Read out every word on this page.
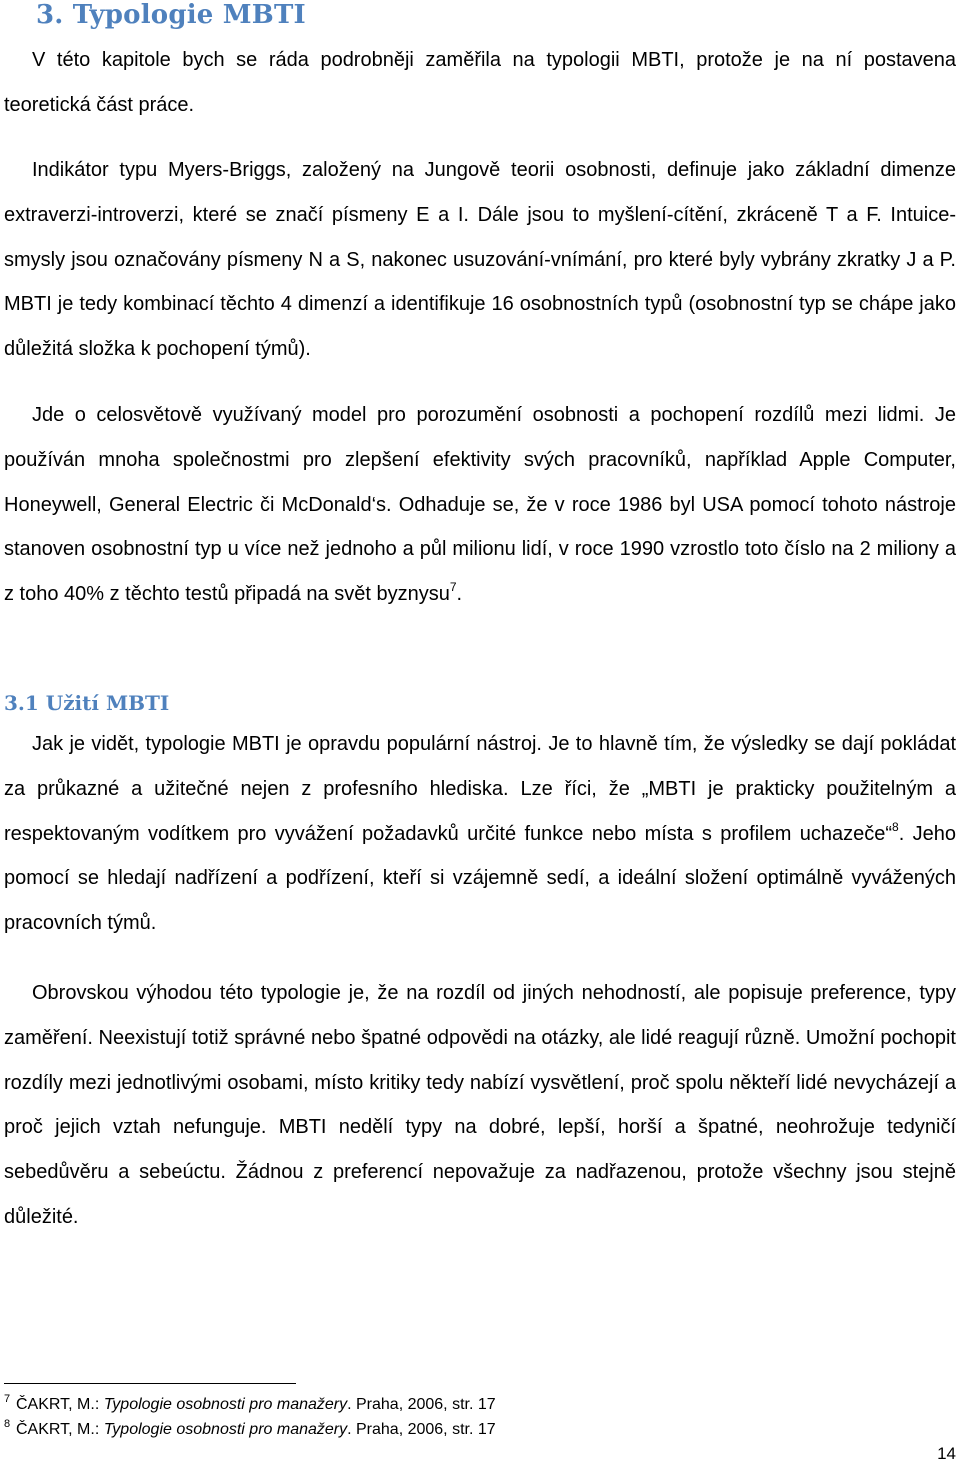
3. Typologie MBTI

V této kapitole bych se ráda podrobněji zaměřila na typologii MBTI, protože je na ní postavena teoretická část práce.

Indikátor typu Myers-Briggs, založený na Jungově teorii osobnosti, definuje jako základní dimenze extraverzi-introverzi, které se značí písmeny E a I. Dále jsou to myšlení-cítění, zkráceně T a F. Intuice-smysly jsou označovány písmeny N a S, nakonec usuzování-vnímání, pro které byly vybrány zkratky J a P. MBTI je tedy kombinací těchto 4 dimenzí a identifikuje 16 osobnostních typů (osobnostní typ se chápe jako důležitá složka k pochopení týmů).

Jde o celosvětově využívaný model pro porozumění osobnosti a pochopení rozdílů mezi lidmi. Je používán mnoha společnostmi pro zlepšení efektivity svých pracovníků, například Apple Computer, Honeywell, General Electric či McDonald‘s. Odhaduje se, že v roce 1986 byl USA pomocí tohoto nástroje stanoven osobnostní typ u více než jednoho a půl milionu lidí, v roce 1990 vzrostlo toto číslo na 2 miliony a z toho 40% z těchto testů připadá na svět byznysu$^7$.

3.1 Užití MBTI

Jak je vidět, typologie MBTI je opravdu populární nástroj. Je to hlavně tím, že výsledky se dají pokládat za průkazné a užitečné nejen z profesního hlediska. Lze říci, že „MBTI je prakticky použitelným a respektovaným vodítkem pro vyvážení požadavků určité funkce nebo místa s profilem uchazeče“$^8$. Jeho pomocí se hledají nadřízení a podřízení, kteří si vzájemně sedí, a ideální složení optimálně vyvážených pracovních týmů.

Obrovskou výhodou této typologie je, že na rozdíl od jiných nehodností, ale popisuje preference, typy zaměření. Neexistují totiž správné nebo špatné odpovědi na otázky, ale lidé reagují různě. Umožní pochopit rozdíly mezi jednotlivými osobami, místo kritiky tedy nabízí vysvětlení, proč spolu někteří lidé nevycházejí a proč jejich vztah nefunguje. MBTI nedělí typy na dobré, lepší, horší a špatné, neohrožuje tedyničí sebedůvěru a sebeúctu. Žádnou z preferencí nepovažuje za nadřazenou, protože všechny jsou stejně důležité.

7 ČAKRT, M.: Typologie osobnosti pro manažery. Praha, 2006, str. 17

8 ČAKRT, M.: Typologie osobnosti pro manažery. Praha, 2006, str. 17

14
